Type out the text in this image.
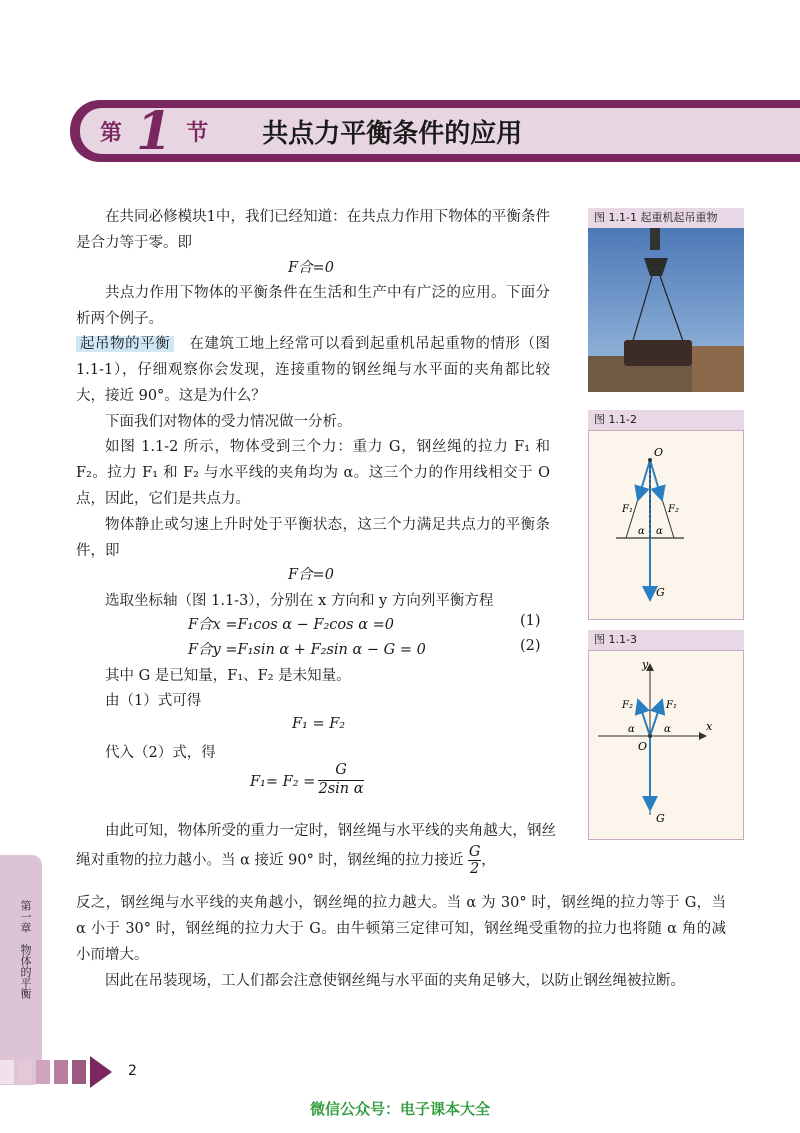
第 1 节 共点力平衡条件的应用
在共同必修模块1中，我们已经知道：在共点力作用下物体的平衡条件是合力等于零。即
F合=0
共点力作用下物体的平衡条件在生活和生产中有广泛的应用。下面分析两个例子。
起吊物的平衡　 在建筑工地上经常可以看到起重机吊起重物的情形（图 1.1-1），仔细观察你会发现，连接重物的钢丝绳与水平面的夹角都比较大，接近 90°。这是为什么？
下面我们对物体的受力情况做一分析。
如图 1.1-2 所示，物体受到三个力：重力 G，钢丝绳的拉力 F₁ 和 F₂。拉力 F₁ 和 F₂ 与水平线的夹角均为 α。这三个力的作用线相交于 O 点，因此，它们是共点力。
物体静止或匀速上升时处于平衡状态，这三个力满足共点力的平衡条件，即
F合=0
选取坐标轴（图 1.1-3），分别在 x 方向和 y 方向列平衡方程
F合x =F₁cos α − F₂cos α =0	(1)
F合y =F₁sin α + F₂sin α − G = 0	(2)
其中 G 是已知量，F₁、F₂ 是未知量。
由（1）式可得
F₁ = F₂
代入（2）式，得
$F_1= F_2 = \frac{G}{\text{2sin α}}$
由此可知，物体所受的重力一定时，钢丝绳与水平线的夹角越大，钢丝绳对重物的拉力越小。当 α 接近 90° 时，钢丝绳的拉力接近 $\frac{G}{2}$ ，
反之，钢丝绳与水平线的夹角越小，钢丝绳的拉力越大。当 α 为 30° 时，钢丝绳的拉力等于 G，当 α 小于 30° 时，钢丝绳的拉力大于 G。由牛顿第三定律可知，钢丝绳受重物的拉力也将随 α 角的减小而增大。
因此在吊装现场，工人们都会注意使钢丝绳与水平面的夹角足够大，以防止钢丝绳被拉断。
图 1.1-1 起重机起吊重物
图 1.1-2
O
F₁	F₂
α α
G
图 1.1-3
y
x
O
F₂	F₁
α	α
G
第一章　物体的平衡
2
微信公众号：电子课本大全
